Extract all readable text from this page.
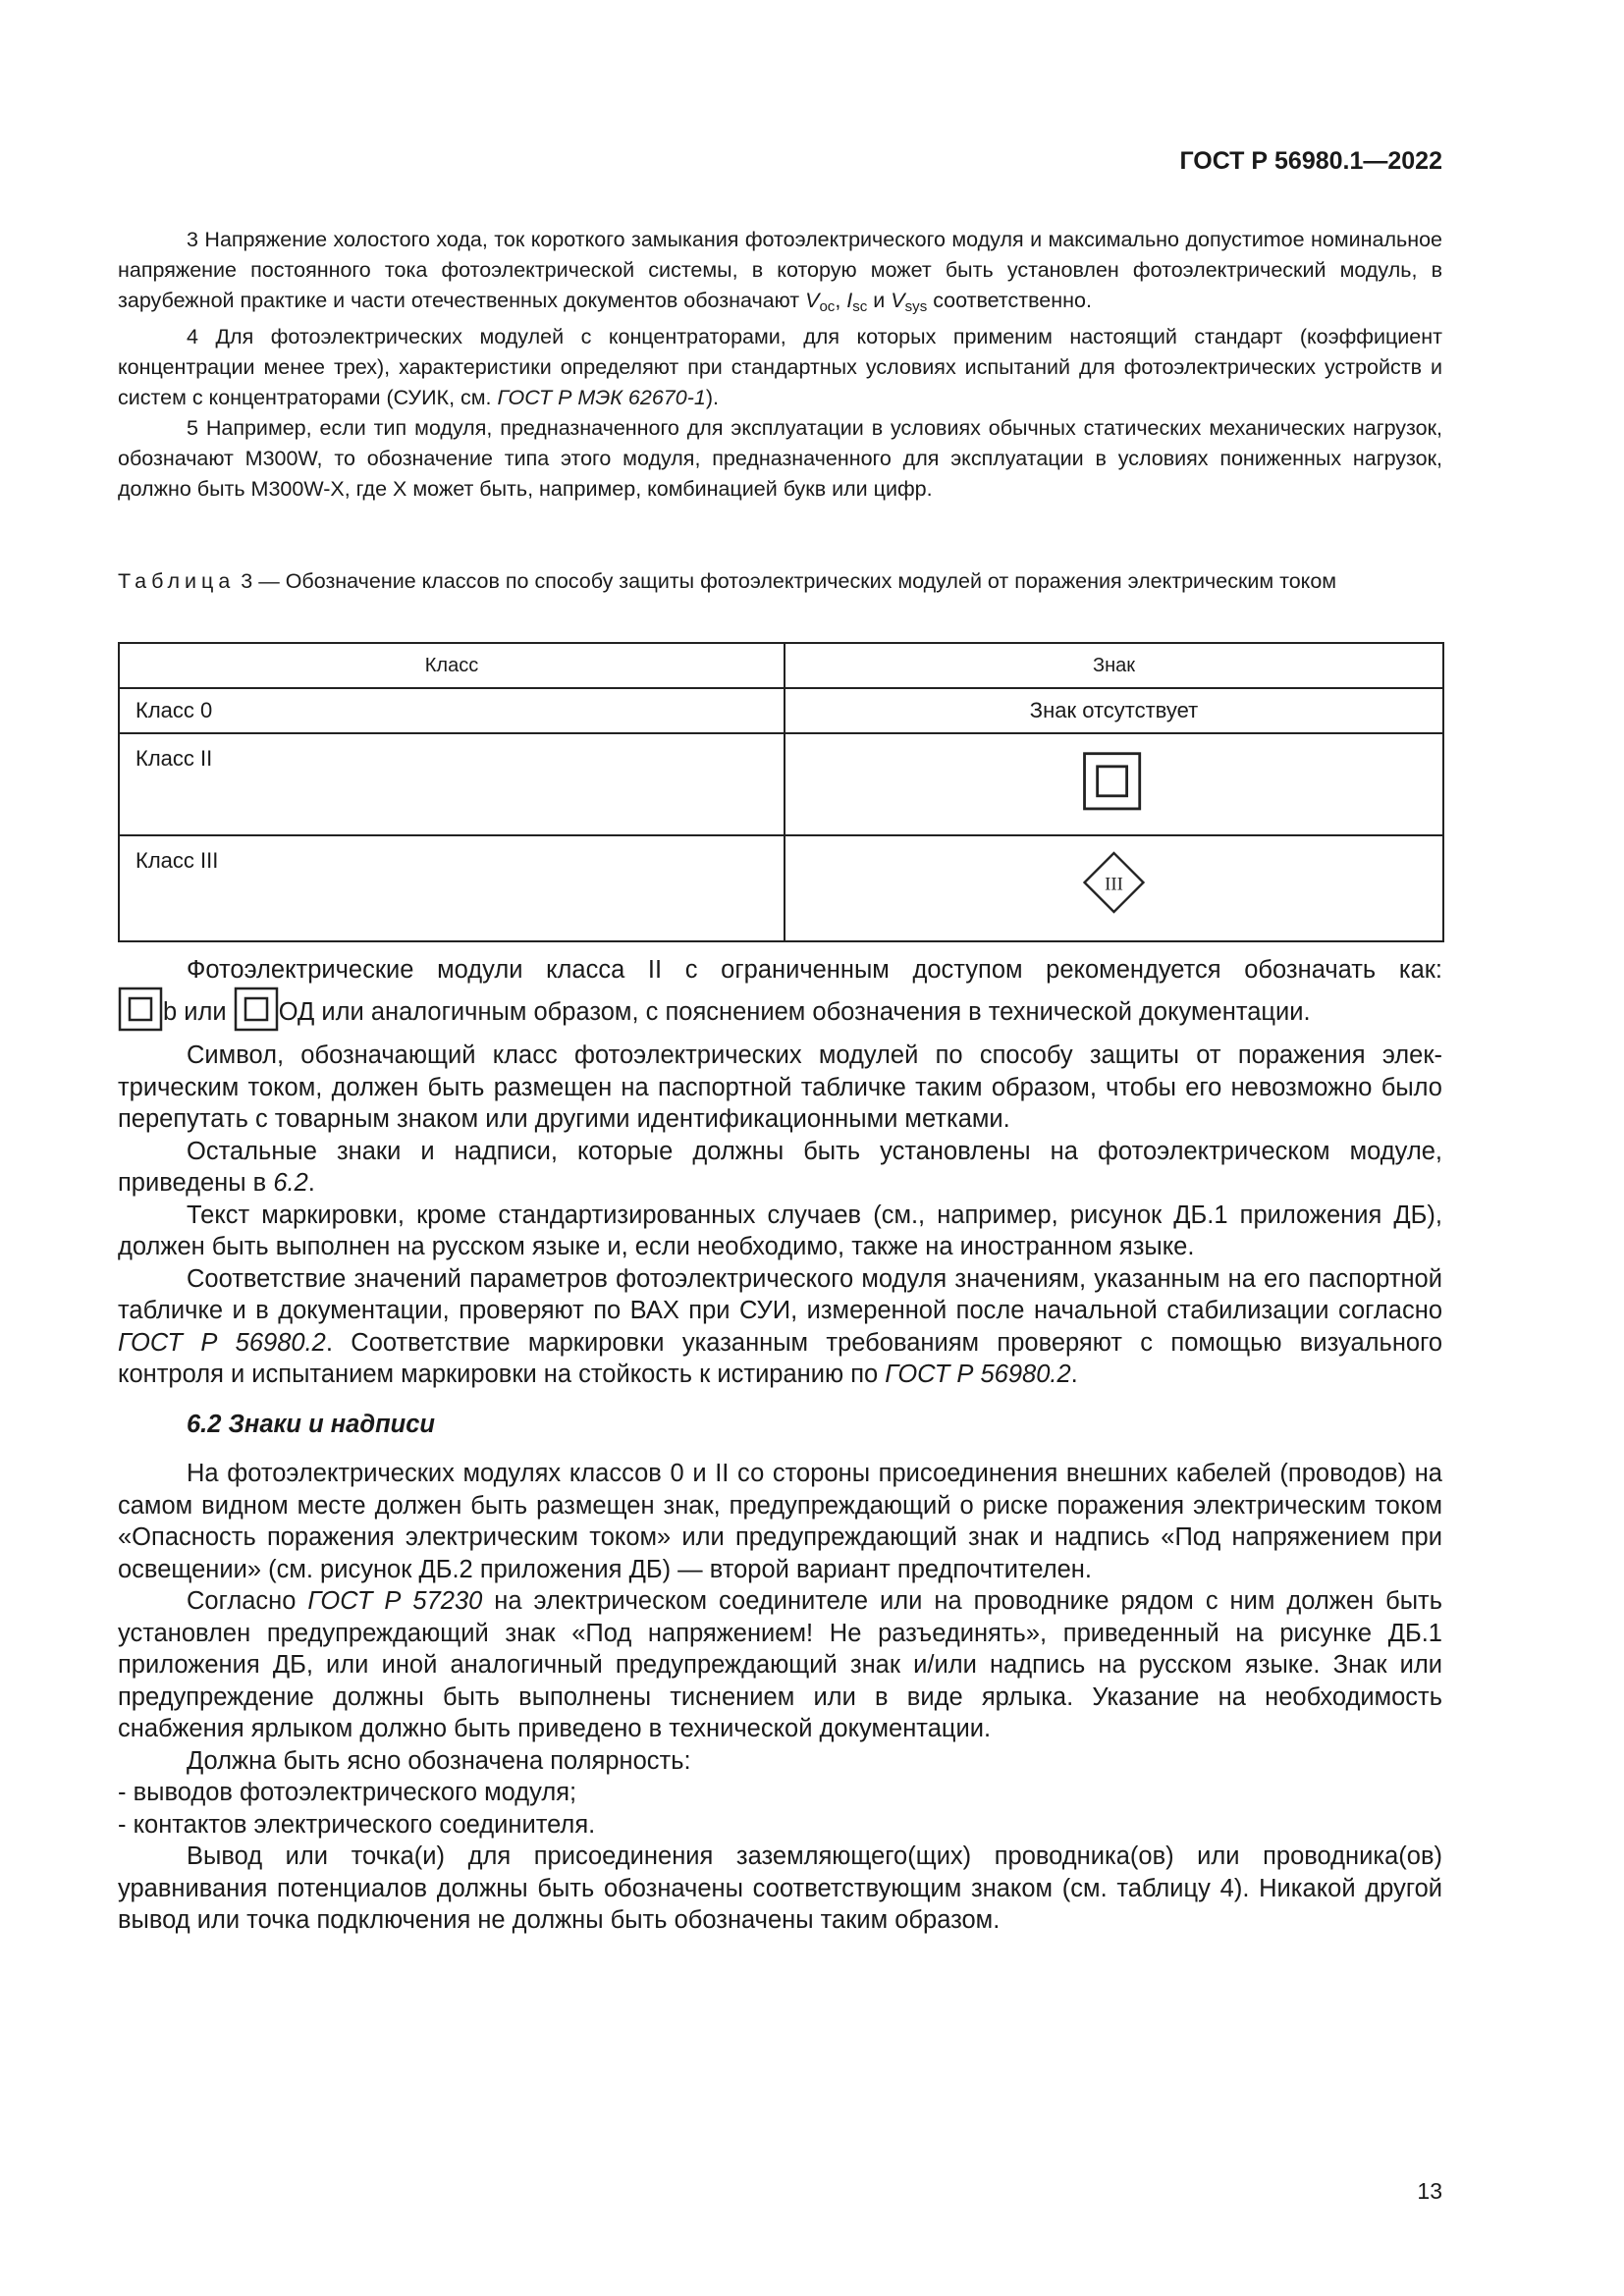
ГОСТ Р 56980.1—2022

3 Напряжение холостого хода, ток короткого замыкания фотоэлектрического модуля и максимально допустиmое номинальное напряжение постоянного тока фотоэлектрической системы, в которую может быть установлен фотоэлектрический модуль, в зарубежной практике и части отечественных документов обозначают $V_{oc}$, $I_{sc}$ и $V_{sys}$ соответственно.

4 Для фотоэлектрических модулей с концентраторами, для которых применим настоящий стандарт (коэффициент концентрации менее трех), характеристики определяют при стандартных условиях испытаний для фотоэлектрических устройств и систем с концентраторами (СУИК, см. ГОСТ Р МЭК 62670-1).

5 Например, если тип модуля, предназначенного для эксплуатации в условиях обычных статических механических нагрузок, обозначают M300W, то обозначение типа этого модуля, предназначенного для эксплуатации в условиях пониженных нагрузок, должно быть M300W-X, где X может быть, например, комбинацией букв или цифр.

Таблица 3 — Обозначение классов по способу защиты фотоэлектрических модулей от поражения электрическим током
Класс	Знак
Класс 0	Знак отсутствует
Класс II	
Класс III	III

Фотоэлектрические модули класса II с ограниченным доступом рекомендуется обозначать как:

b или ОД или аналогичным образом, с пояснением обозначения в технической документации.

Символ, обозначающий класс фотоэлектрических модулей по способу защиты от поражения электрическим током, должен быть размещен на паспортной табличке таким образом, чтобы его невозможно было перепутать с товарным знаком или другими идентификационными метками.

Остальные знаки и надписи, которые должны быть установлены на фотоэлектрическом модуле, приведены в 6.2.

Текст маркировки, кроме стандартизированных случаев (см., например, рисунок ДБ.1 приложения ДБ), должен быть выполнен на русском языке и, если необходимо, также на иностранном языке.

Соответствие значений параметров фотоэлектрического модуля значениям, указанным на его паспортной табличке и в документации, проверяют по ВАХ при СУИ, измеренной после начальной стабилизации согласно ГОСТ Р 56980.2. Соответствие маркировки указанным требованиям проверяют с помощью визуального контроля и испытанием маркировки на стойкость к истиранию по ГОСТ Р 56980.2.

6.2 Знаки и надписи

На фотоэлектрических модулях классов 0 и II со стороны присоединения внешних кабелей (проводов) на самом видном месте должен быть размещен знак, предупреждающий о риске поражения электрическим током «Опасность поражения электрическим током» или предупреждающий знак и надпись «Под напряжением при освещении» (см. рисунок ДБ.2 приложения ДБ) — второй вариант предпочтителен.

Согласно ГОСТ Р 57230 на электрическом соединителе или на проводнике рядом с ним должен быть установлен предупреждающий знак «Под напряжением! Не разъединять», приведенный на рисунке ДБ.1 приложения ДБ, или иной аналогичный предупреждающий знак и/или надпись на русском языке. Знак или предупреждение должны быть выполнены тиснением или в виде ярлыка. Указание на необходимость снабжения ярлыком должно быть приведено в технической документации.

Должна быть ясно обозначена полярность:

- выводов фотоэлектрического модуля;

- контактов электрического соединителя.

Вывод или точка(и) для присоединения заземляющего(щих) проводника(ов) или проводника(ов) уравнивания потенциалов должны быть обозначены соответствующим знаком (см. таблицу 4). Никакой другой вывод или точка подключения не должны быть обозначены таким образом.

13
